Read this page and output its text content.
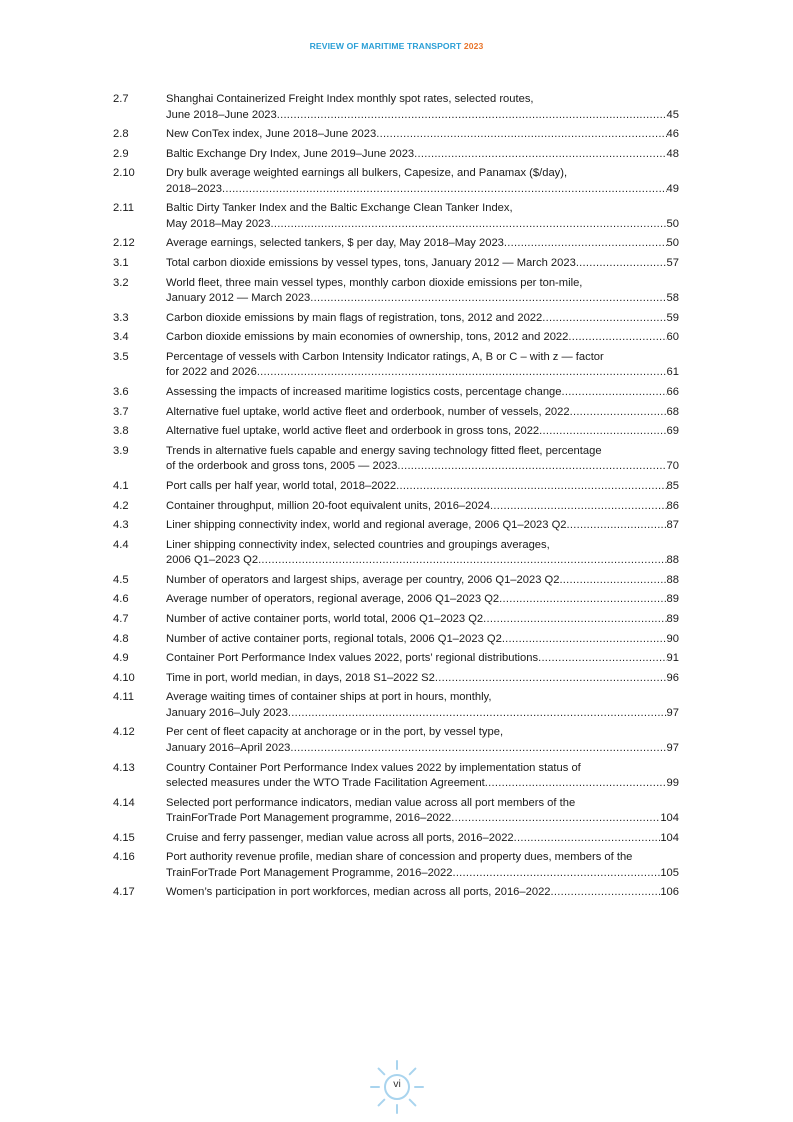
REVIEW OF MARITIME TRANSPORT 2023
2.7	Shanghai Containerized Freight Index monthly spot rates, selected routes,
June 2018–June 2023 .....	45
2.8	New ConTex index, June 2018–June 2023 .....	46
2.9	Baltic Exchange Dry Index, June 2019–June 2023 .....	48
2.10	Dry bulk average weighted earnings all bulkers, Capesize, and Panamax ($/day),
2018–2023 .....	49
2.11	Baltic Dirty Tanker Index and the Baltic Exchange Clean Tanker Index,
May 2018–May 2023 .....	50
2.12	Average earnings, selected tankers, $ per day, May 2018–May 2023 .....	50
3.1	Total carbon dioxide emissions by vessel types, tons, January 2012 — March 2023 .....	57
3.2	World fleet, three main vessel types, monthly carbon dioxide emissions per ton-mile,
January 2012 — March 2023 .....	58
3.3	Carbon dioxide emissions by main flags of registration, tons, 2012 and 2022 .....	59
3.4	Carbon dioxide emissions by main economies of ownership, tons, 2012 and 2022 .....	60
3.5	Percentage of vessels with Carbon Intensity Indicator ratings, A, B or C – with z — factor
for 2022 and 2026 .....	61
3.6	Assessing the impacts of increased maritime logistics costs, percentage change .....	66
3.7	Alternative fuel uptake, world active fleet and orderbook, number of vessels, 2022 .....	68
3.8	Alternative fuel uptake, world active fleet and orderbook in gross tons, 2022 .....	69
3.9	Trends in alternative fuels capable and energy saving technology fitted fleet, percentage
of the orderbook and gross tons, 2005 — 2023 .....	70
4.1	Port calls per half year, world total, 2018–2022 .....	85
4.2	Container throughput, million 20-foot equivalent units, 2016–2024 .....	86
4.3	Liner shipping connectivity index, world and regional average, 2006 Q1–2023 Q2 .....	87
4.4	Liner shipping connectivity index, selected countries and groupings averages,
2006 Q1–2023 Q2 .....	88
4.5	Number of operators and largest ships, average per country, 2006 Q1–2023 Q2 .....	88
4.6	Average number of operators, regional average, 2006 Q1–2023 Q2 .....	89
4.7	Number of active container ports, world total, 2006 Q1–2023 Q2 .....	89
4.8	Number of active container ports, regional totals, 2006 Q1–2023 Q2 .....	90
4.9	Container Port Performance Index values 2022, ports’ regional distributions .....	91
4.10	Time in port, world median, in days, 2018 S1–2022 S2 .....	96
4.11	Average waiting times of container ships at port in hours, monthly,
January 2016–July 2023 .....	97
4.12	Per cent of fleet capacity at anchorage or in the port, by vessel type,
January 2016–April 2023 .....	97
4.13	Country Container Port Performance Index values 2022 by implementation status of
selected measures under the WTO Trade Facilitation Agreement .....	99
4.14	Selected port performance indicators, median value across all port members of the
TrainForTrade Port Management programme, 2016–2022 .....	104
4.15	Cruise and ferry passenger, median value across all ports, 2016–2022 .....	104
4.16	Port authority revenue profile, median share of concession and property dues, members of the
TrainForTrade Port Management Programme, 2016–2022 .....	105
4.17	Women’s participation in port workforces, median across all ports, 2016–2022 .....	106
vi
